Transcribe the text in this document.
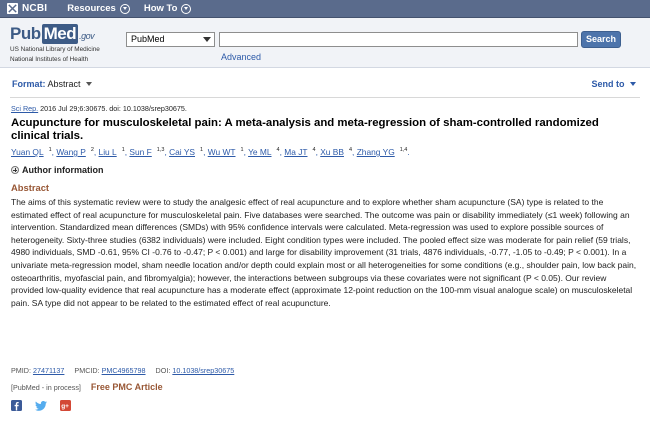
NCBI Resources	How To
Pub Med .gov
US National Library of Medicine
National Institutes of Health
PubMed	Search
Advanced
Format: Abstract	Send to
Sci Rep. 2016 Jul 29;6:30675. doi: 10.1038/srep30675.
Acupuncture for musculoskeletal pain: A meta-analysis and meta-regression of sham-controlled randomized clinical trials.
Yuan QL $^1$, Wang P $^2$, Liu L $^1$, Sun F $^{1,3}$, Cai YS $^1$, Wu WT $^1$, Ye ML $^4$, Ma JT $^4$, Xu BB $^4$, Zhang YG $^{1,4}$.
Author information
Abstract
The aims of this systematic review were to study the analgesic effect of real acupuncture and to explore whether sham acupuncture (SA) type is related to the estimated effect of real acupuncture for musculoskeletal pain. Five databases were searched. The outcome was pain or disability immediately (≤1 week) following an intervention. Standardized mean differences (SMDs) with 95% confidence intervals were calculated. Meta-regression was used to explore possible sources of heterogeneity. Sixty-three studies (6382 individuals) were included. Eight condition types were included. The pooled effect size was moderate for pain relief (59 trials, 4980 individuals, SMD -0.61, 95% CI -0.76 to -0.47; P < 0.001) and large for disability improvement (31 trials, 4876 individuals, -0.77, -1.05 to -0.49; P < 0.001). In a univariate meta-regression model, sham needle location and/or depth could explain most or all heterogeneities for some conditions (e.g., shoulder pain, low back pain, osteoarthritis, myofascial pain, and fibromyalgia); however, the interactions between subgroups via these covariates were not significant (P < 0.05). Our review provided low-quality evidence that real acupuncture has a moderate effect (approximate 12-point reduction on the 100-mm visual analogue scale) on musculoskeletal pain. SA type did not appear to be related to the estimated effect of real acupuncture.
PMID: 27471137 PMCID: PMC4965798 DOI: 10.1038/srep30675
[PubMed - in process] Free PMC Article
g+
